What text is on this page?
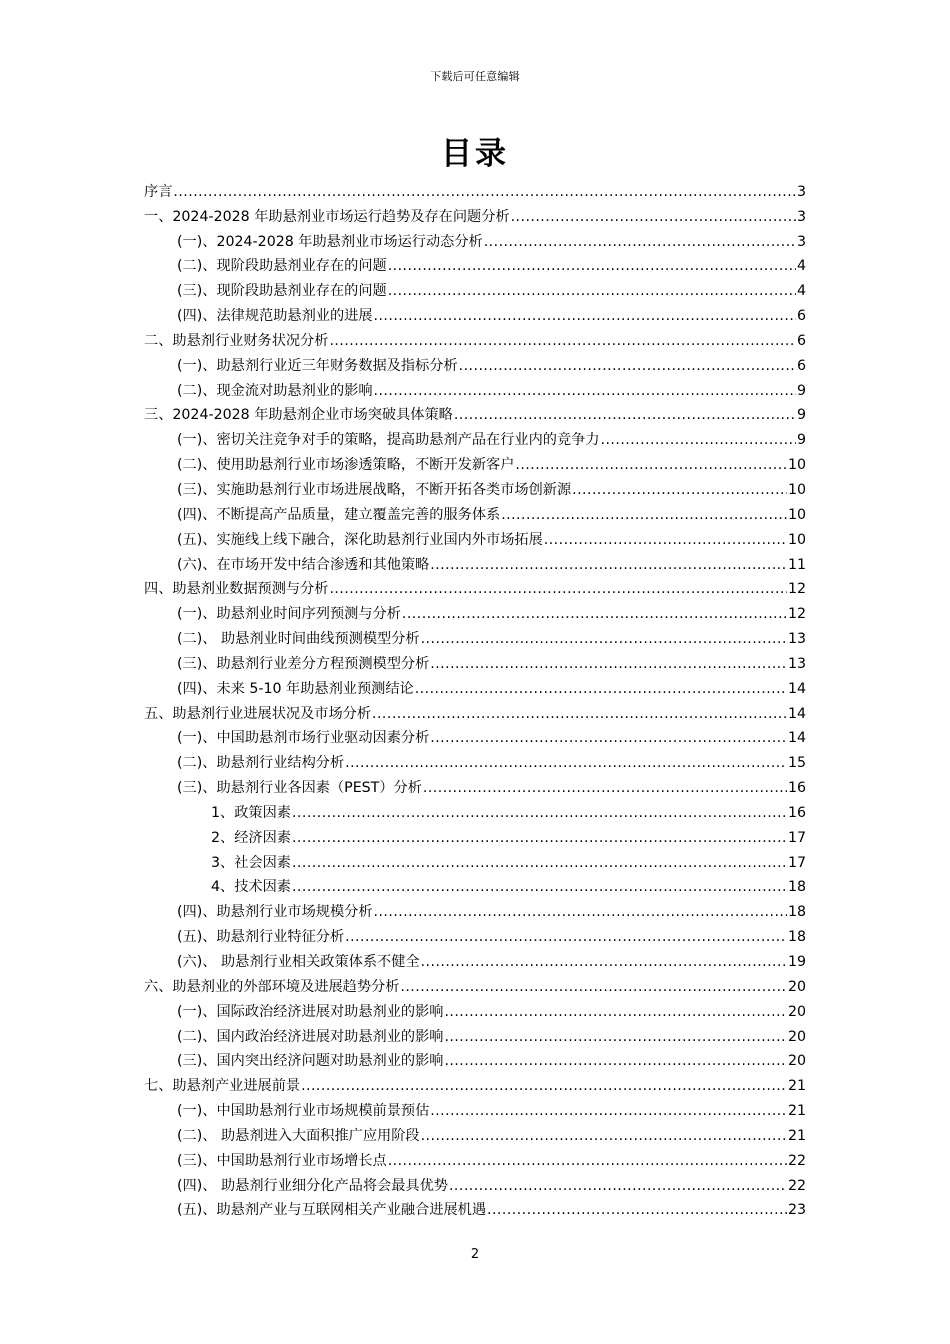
下载后可任意编辑
目录
序言 .....	3
一、2024-2028 年助悬剂业市场运行趋势及存在问题分析 .....	3
(一)、2024-2028 年助悬剂业市场运行动态分析 .....	3
(二)、现阶段助悬剂业存在的问题 .....	4
(三)、现阶段助悬剂业存在的问题 .....	4
(四)、法律规范助悬剂业的进展 .....	6
二、助悬剂行业财务状况分析 .....	6
(一)、助悬剂行业近三年财务数据及指标分析 .....	6
(二)、现金流对助悬剂业的影响 .....	9
三、2024-2028 年助悬剂企业市场突破具体策略 .....	9
(一)、密切关注竞争对手的策略，提高助悬剂产品在行业内的竞争力 .....	9
(二)、使用助悬剂行业市场渗透策略，不断开发新客户 .....	10
(三)、实施助悬剂行业市场进展战略，不断开拓各类市场创新源 .....	10
(四)、不断提高产品质量，建立覆盖完善的服务体系 .....	10
(五)、实施线上线下融合，深化助悬剂行业国内外市场拓展 .....	10
(六)、在市场开发中结合渗透和其他策略 .....	11
四、助悬剂业数据预测与分析 .....	12
(一)、助悬剂业时间序列预测与分析 .....	12
(二)、 助悬剂业时间曲线预测模型分析 .....	13
(三)、助悬剂行业差分方程预测模型分析 .....	13
(四)、未来 5-10 年助悬剂业预测结论 .....	14
五、助悬剂行业进展状况及市场分析 .....	14
(一)、中国助悬剂市场行业驱动因素分析 .....	14
(二)、助悬剂行业结构分析 .....	15
(三)、助悬剂行业各因素（PEST）分析 .....	16
1、政策因素 .....	16
2、经济因素 .....	17
3、社会因素 .....	17
4、技术因素 .....	18
(四)、助悬剂行业市场规模分析 .....	18
(五)、助悬剂行业特征分析 .....	18
(六)、 助悬剂行业相关政策体系不健全 .....	19
六、助悬剂业的外部环境及进展趋势分析 .....	20
(一)、国际政治经济进展对助悬剂业的影响 .....	20
(二)、国内政治经济进展对助悬剂业的影响 .....	20
(三)、国内突出经济问题对助悬剂业的影响 .....	20
七、助悬剂产业进展前景 .....	21
(一)、中国助悬剂行业市场规模前景预估 .....	21
(二)、 助悬剂进入大面积推广应用阶段 .....	21
(三)、中国助悬剂行业市场增长点 .....	22
(四)、 助悬剂行业细分化产品将会最具优势 .....	22
(五)、助悬剂产业与互联网相关产业融合进展机遇 .....	23
2
